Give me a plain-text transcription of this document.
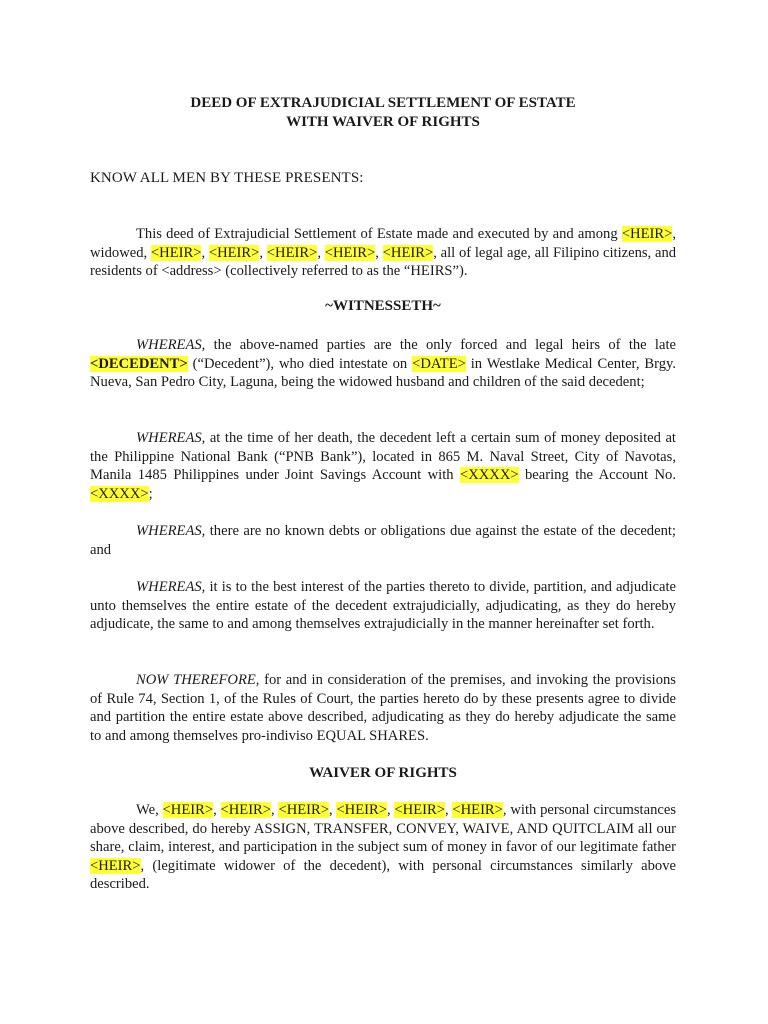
DEED OF EXTRAJUDICIAL SETTLEMENT OF ESTATE
WITH WAIVER OF RIGHTS
KNOW ALL MEN BY THESE PRESENTS:

This deed of Extrajudicial Settlement of Estate made and executed by and among <HEIR>, widowed, <HEIR>, <HEIR>, <HEIR>, <HEIR>, <HEIR>, all of legal age, all Filipino citizens, and residents of <address> (collectively referred to as the “HEIRS”).

~WITNESSETH~

WHEREAS, the above-named parties are the only forced and legal heirs of the late <DECEDENT> (“Decedent”), who died intestate on <DATE> in Westlake Medical Center, Brgy. Nueva, San Pedro City, Laguna, being the widowed husband and children of the said decedent;

WHEREAS, at the time of her death, the decedent left a certain sum of money deposited at the Philippine National Bank (“PNB Bank”), located in 865 M. Naval Street, City of Navotas, Manila 1485 Philippines under Joint Savings Account with <XXXX> bearing the Account No. <XXXX>;

WHEREAS, there are no known debts or obligations due against the estate of the decedent; and

WHEREAS, it is to the best interest of the parties thereto to divide, partition, and adjudicate unto themselves the entire estate of the decedent extrajudicially, adjudicating, as they do hereby adjudicate, the same to and among themselves extrajudicially in the manner hereinafter set forth.

NOW THEREFORE, for and in consideration of the premises, and invoking the provisions of Rule 74, Section 1, of the Rules of Court, the parties hereto do by these presents agree to divide and partition the entire estate above described, adjudicating as they do hereby adjudicate the same to and among themselves pro-indiviso EQUAL SHARES.

WAIVER OF RIGHTS

We, <HEIR>, <HEIR>, <HEIR>, <HEIR>, <HEIR>, <HEIR>, with personal circumstances above described, do hereby ASSIGN, TRANSFER, CONVEY, WAIVE, AND QUITCLAIM all our share, claim, interest, and participation in the subject sum of money in favor of our legitimate father <HEIR>, (legitimate widower of the decedent), with personal circumstances similarly above described.
